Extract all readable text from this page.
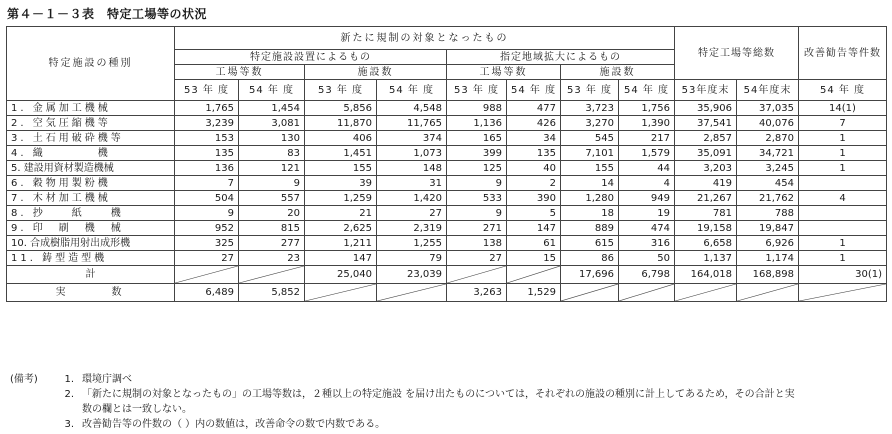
第４－１－３表　特定工場等の状況
特定施設の種別	新たに規制の対象となったもの								特定工場等総数		改善勧告等件数
	特定施設設置によるもの				指定地域拡大によるもの						
	工場等数		施設数		工場等数		施設数				
	53 年 度	54 年 度	53 年 度	54 年 度	53 年 度	54 年 度	53 年 度	54 年 度	53年度末	54年度末	54 年 度
1. 金属加工機械	1,765	1,454	5,856	4,548	988	477	3,723	1,756	35,906	37,035	14(1)
2. 空気圧縮機等	3,239	3,081	11,870	11,765	1,136	426	3,270	1,390	37,541	40,076	7
3. 土石用破砕機等	153	130	406	374	165	34	545	217	2,857	2,870	1
4. 織　　　　機	135	83	1,451	1,073	399	135	7,101	1,579	35,091	34,721	1
5. 建設用資材製造機械	136	121	155	148	125	40	155	44	3,203	3,245	1
6. 穀物用製粉機	7	9	39	31	9	2	14	4	419	454	
7. 木材加工機械	504	557	1,259	1,420	533	390	1,280	949	21,267	21,762	4
8. 抄　　紙　　機	9	20	21	27	9	5	18	19	781	788	
9. 印　刷　機　械	952	815	2,625	2,319	271	147	889	474	19,158	19,847	
10. 合成樹脂用射出成形機	325	277	1,211	1,255	138	61	615	316	6,658	6,926	1
11. 鋳型造型機	27	23	147	79	27	15	86	50	1,137	1,174	1
計			25,040	23,039			17,696	6,798	164,018	168,898	30(1)
実　　　数	6,489	5,852			3,263	1,529	

(備考)	1. 環境庁調べ
2. 「新たに規制の対象となったもの」の工場等数は，２種以上の特定施設 を届け出たものについては，それぞれの施設の種別に計上してあるため，その合計と実
数の欄とは一致しない。
3. 改善勧告等の件数の（ ）内の数値は，改善命令の数で内数である。
